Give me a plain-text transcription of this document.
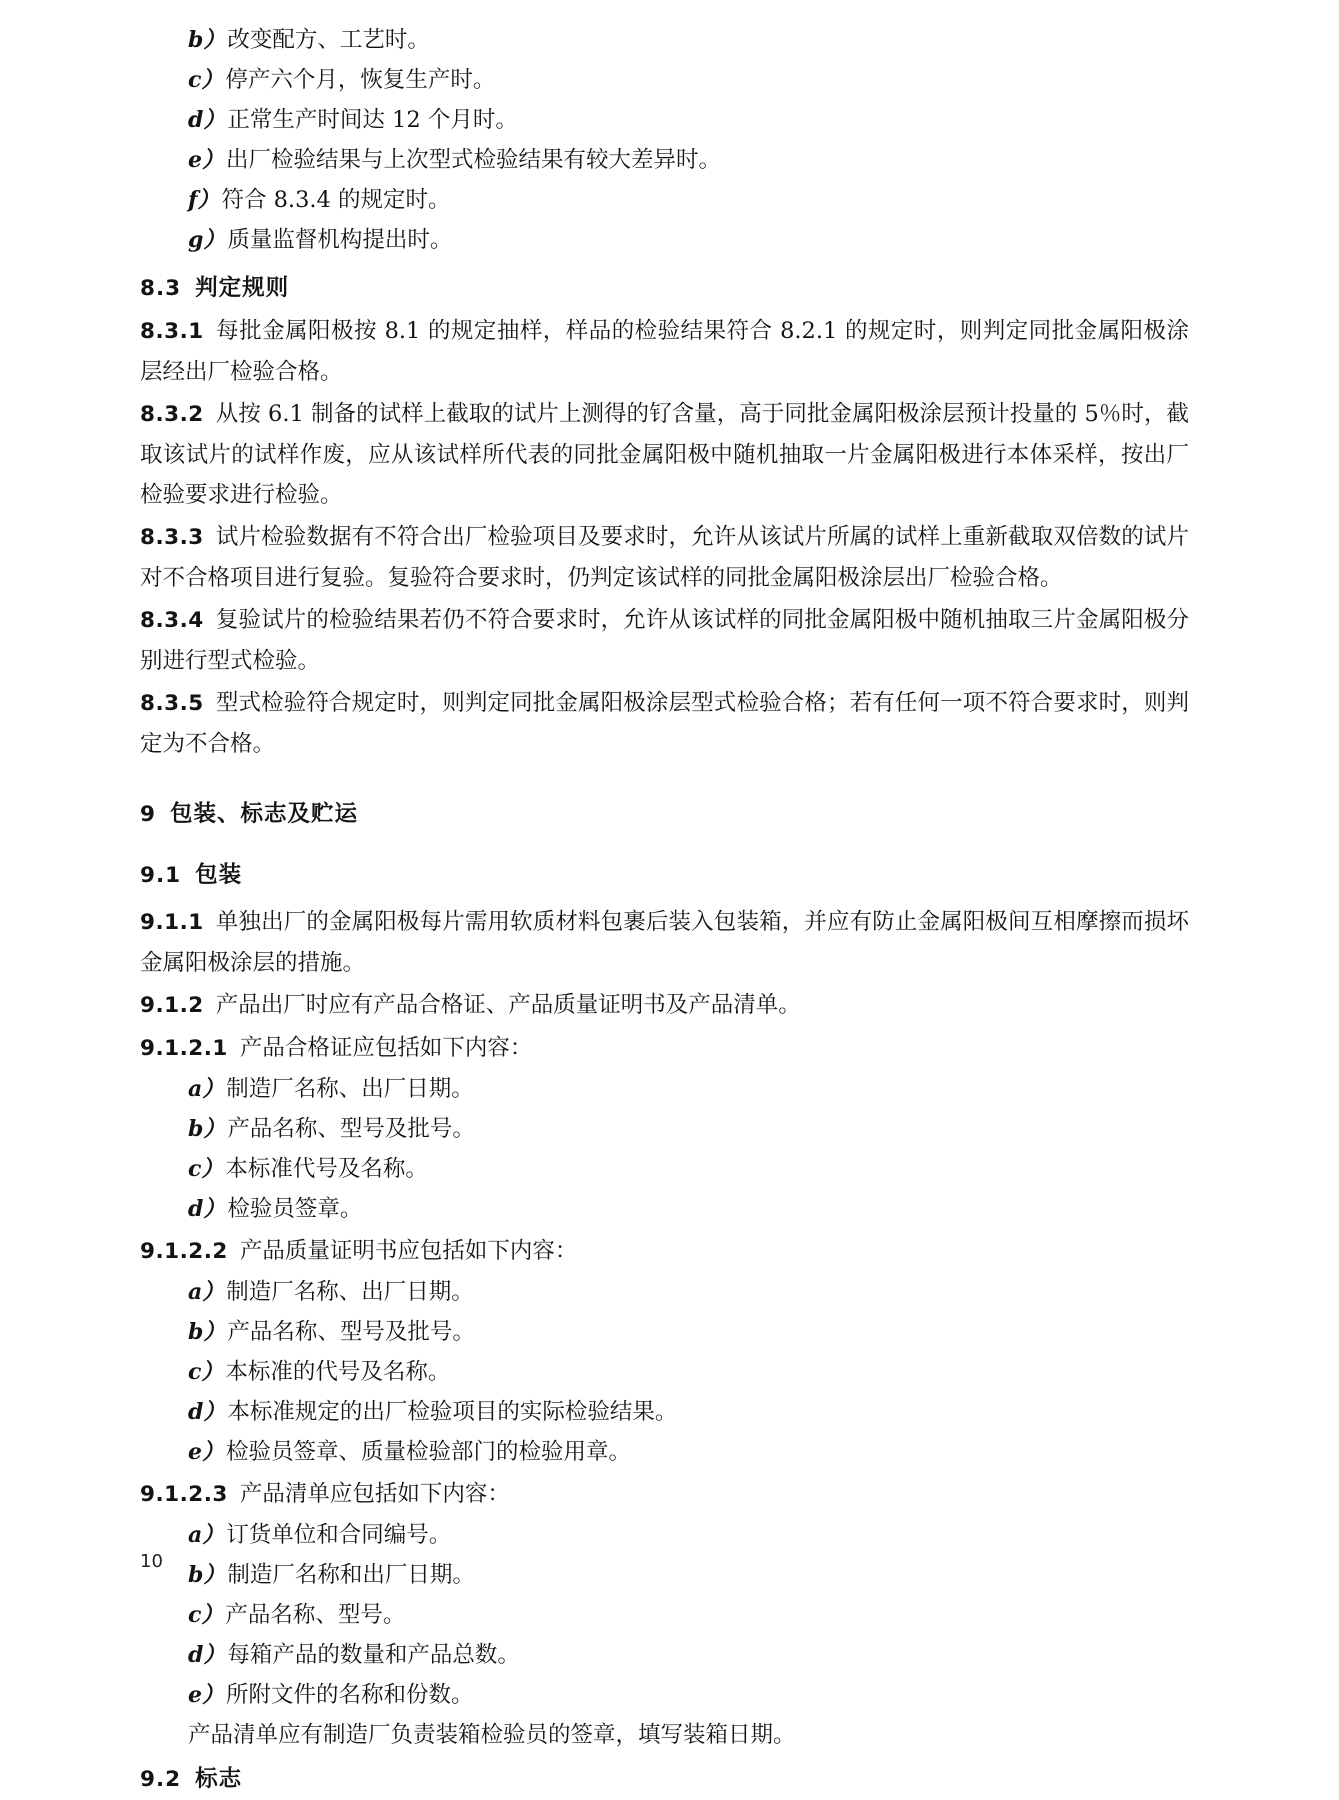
b）改变配方、工艺时。
c）停产六个月，恢复生产时。
d）正常生产时间达 12 个月时。
e）出厂检验结果与上次型式检验结果有较大差异时。
f）符合 8.3.4 的规定时。
g）质量监督机构提出时。
8.3 判定规则
8.3.1 每批金属阳极按 8.1 的规定抽样，样品的检验结果符合 8.2.1 的规定时，则判定同批金属阳极涂层经出厂检验合格。
8.3.2 从按 6.1 制备的试样上截取的试片上测得的钌含量，高于同批金属阳极涂层预计投量的 5％时，截取该试片的试样作废，应从该试样所代表的同批金属阳极中随机抽取一片金属阳极进行本体采样，按出厂检验要求进行检验。
8.3.3 试片检验数据有不符合出厂检验项目及要求时，允许从该试片所属的试样上重新截取双倍数的试片对不合格项目进行复验。复验符合要求时，仍判定该试样的同批金属阳极涂层出厂检验合格。
8.3.4 复验试片的检验结果若仍不符合要求时，允许从该试样的同批金属阳极中随机抽取三片金属阳极分别进行型式检验。
8.3.5 型式检验符合规定时，则判定同批金属阳极涂层型式检验合格；若有任何一项不符合要求时，则判定为不合格。
9 包装、标志及贮运
9.1 包装
9.1.1 单独出厂的金属阳极每片需用软质材料包裹后装入包装箱，并应有防止金属阳极间互相摩擦而损坏金属阳极涂层的措施。
9.1.2 产品出厂时应有产品合格证、产品质量证明书及产品清单。
9.1.2.1 产品合格证应包括如下内容：
a）制造厂名称、出厂日期。
b）产品名称、型号及批号。
c）本标准代号及名称。
d）检验员签章。
9.1.2.2 产品质量证明书应包括如下内容：
a）制造厂名称、出厂日期。
b）产品名称、型号及批号。
c）本标准的代号及名称。
d）本标准规定的出厂检验项目的实际检验结果。
e）检验员签章、质量检验部门的检验用章。
9.1.2.3 产品清单应包括如下内容：
a）订货单位和合同编号。
b）制造厂名称和出厂日期。
c）产品名称、型号。
d）每箱产品的数量和产品总数。
e）所附文件的名称和份数。
产品清单应有制造厂负责装箱检验员的签章，填写装箱日期。
9.2 标志
10
